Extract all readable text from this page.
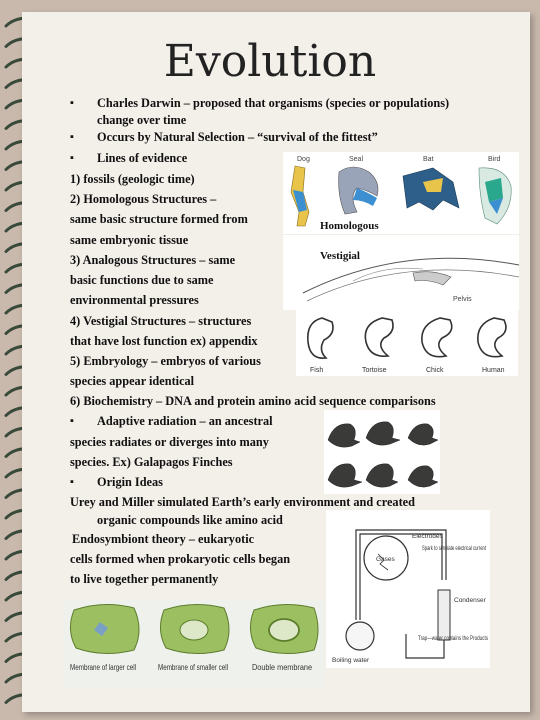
Evolution
▪ Charles Darwin – proposed that organisms (species or populations)
change over time
▪ Occurs by Natural Selection – “survival of the fittest”
▪ Lines of evidence
1) fossils (geologic time)
2) Homologous Structures –
same basic structure formed from
same embryonic tissue
3) Analogous Structures – same
basic functions due to same
environmental pressures
4) Vestigial Structures – structures
that have lost function ex) appendix
5) Embryology – embryos of various
species appear identical
6) Biochemistry – DNA and protein amino acid sequence comparisons
▪ Adaptive radiation – an ancestral
species radiates or diverges into many
species. Ex) Galapagos Finches
▪ Origin Ideas
Urey and Miller simulated Earth’s early environment and created
organic compounds like amino acid
Endosymbiont theory – eukaryotic
cells formed when prokaryotic cells began
to live together permanently
Dog	Seal	Bat	Bird
Homologous
Pelvis
Vestigial
Fish	Tortoise	Chick	Human
Electrodes
Spark to simulate electrical current
Gases
Condenser
Trap—water contains the Products
Boiling water
Membrane of larger cell	Membrane of smaller cell	Double membrane
